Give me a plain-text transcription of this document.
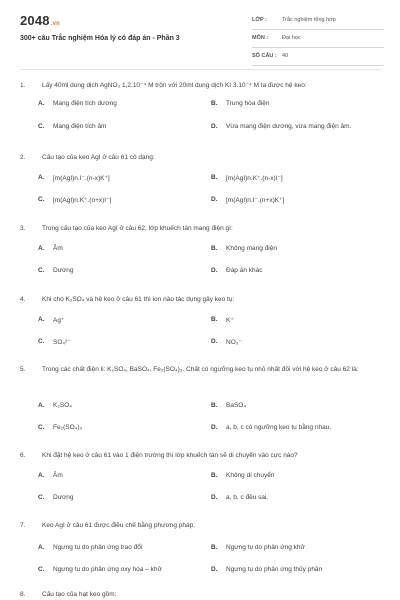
2048.vn
300+ câu Trắc nghiệm Hóa lý có đáp án - Phần 3
LỚP :	Trắc nghiệm tổng hợp
MÔN :	Đại học
SỐ CÂU : 40
1.	Lấy 40ml dung dịch AgNO₃ 1,2.10⁻⁴ M trộn với 20ml dung dịch KI 3.10⁻⁴ M ta được hệ keo:
A. Mang điện tích dương	B. Trung hòa điện
C. Mang điện tích âm	D. Vừa mang điện dương, vừa mang điện âm.
2.	Cấu tạo của keo AgI ở câu 61 có dạng:
A. [m(AgI)n.I⁻.(n-x)K⁺]	B. [m(AgI)n.K⁺.(n-x)I⁻]
C. [m(AgI)n.K⁺.(n+x)I⁻]	D. [m(AgI)n.I⁻.(n+x)K⁺]
3.	Trong cấu tạo của keo AgI ở câu 62, lớp khuếch tán mang điện gì:
A. Âm	B. Không mang điện
C. Dương	D. Đáp án khác
4.	Khi cho K₂SO₄ và hệ keo ở câu 61 thì ion nào tác dụng gây keo tụ:
A. Ag⁺	B. K⁺
C. SO₄²⁻	D. NO₃⁻
5.	Trong các chất điện li: K₂SO₄, BaSO₄, Fe₂(SO₄)₃. Chất có ngưỡng keo tụ nhỏ nhất đối với hệ keo ở câu 62 là:
A. K₂SO₄	B. BaSO₄
C. Fe₂(SO₄)₃	D. a, b, c có ngưỡng keo tụ bằng nhau.
6.	Khi đặt hệ keo ở câu 61 vào 1 điện trường thì lớp khuếch tán sẽ di chuyển vào cực nào?
A. Âm	B. Không di chuyển
C. Dương	D. a, b, c đều sai.
7.	Keo AgI ở câu 61 được điều chế bằng phương pháp:
A. Ngưng tụ do phản ứng trao đổi	B. Ngưng tụ do phản ứng khử
C. Ngưng tụ do phản ứng oxy hóa – khử	D. Ngưng tụ do phản ứng thủy phân
8.	Cấu tạo của hạt keo gồm:
